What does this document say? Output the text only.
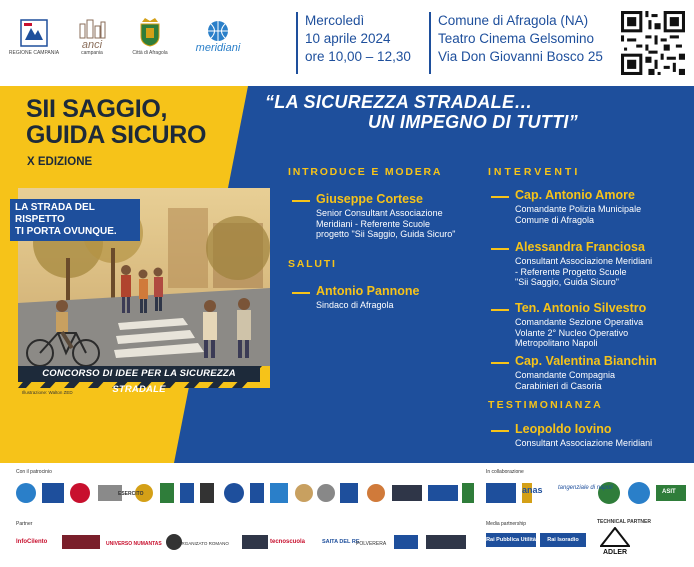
REGIONE CAMPANIA
anci
campania	Città di Afragola	meridiani
Mercoledì
10 aprile 2024
ore 10,00 – 12,30
Comune di Afragola (NA)
Teatro Cinema Gelsomino
Via Don Giovanni Bosco 25
SII SAGGIO,
GUIDA SICURO
X EDIZIONE
“LA SICUREZZA STRADALE…
UN IMPEGNO DI TUTTI”
LA STRADA DEL RISPETTO
TI PORTA OVUNQUE.
CONCORSO DI IDEE PER LA SICUREZZA STRADALE
Illustrazione: Walton ZED
INTRODUCE E MODERA
Giuseppe Cortese
Senior Consultant Associazione
Meridiani - Referente Scuole
progetto "Sii Saggio, Guida Sicuro"
SALUTI
Antonio Pannone
Sindaco di Afragola
INTERVENTI
Cap. Antonio Amore
Comandante Polizia Municipale
Comune di Afragola
Alessandra Franciosa
Consultant Associazione Meridiani
- Referente Progetto Scuole
"Sii Saggio, Guida Sicuro"
Ten. Antonio Silvestro
Comandante Sezione Operativa
Volante 2° Nucleo Operativo
Metropolitano Napoli
Cap. Valentina Bianchin
Comandante Compagnia
Carabinieri di Casoria
TESTIMONIANZA
Leopoldo Iovino
Consultant Associazione Meridiani
Con il patrocinio	In collaborazione
Partner	Media partnership	TECHNICAL PARTNER
ESERCITO	anas	tangenziale di napoli
ASIT
InfoCilento	UNIVERSO NUMANTAS	ORGANIZATO ROMANO	tecnoscuola	SAITA DEL RE
POLVERERA
Rai Pubblica Utilità	Rai Isoradio
ADLER
